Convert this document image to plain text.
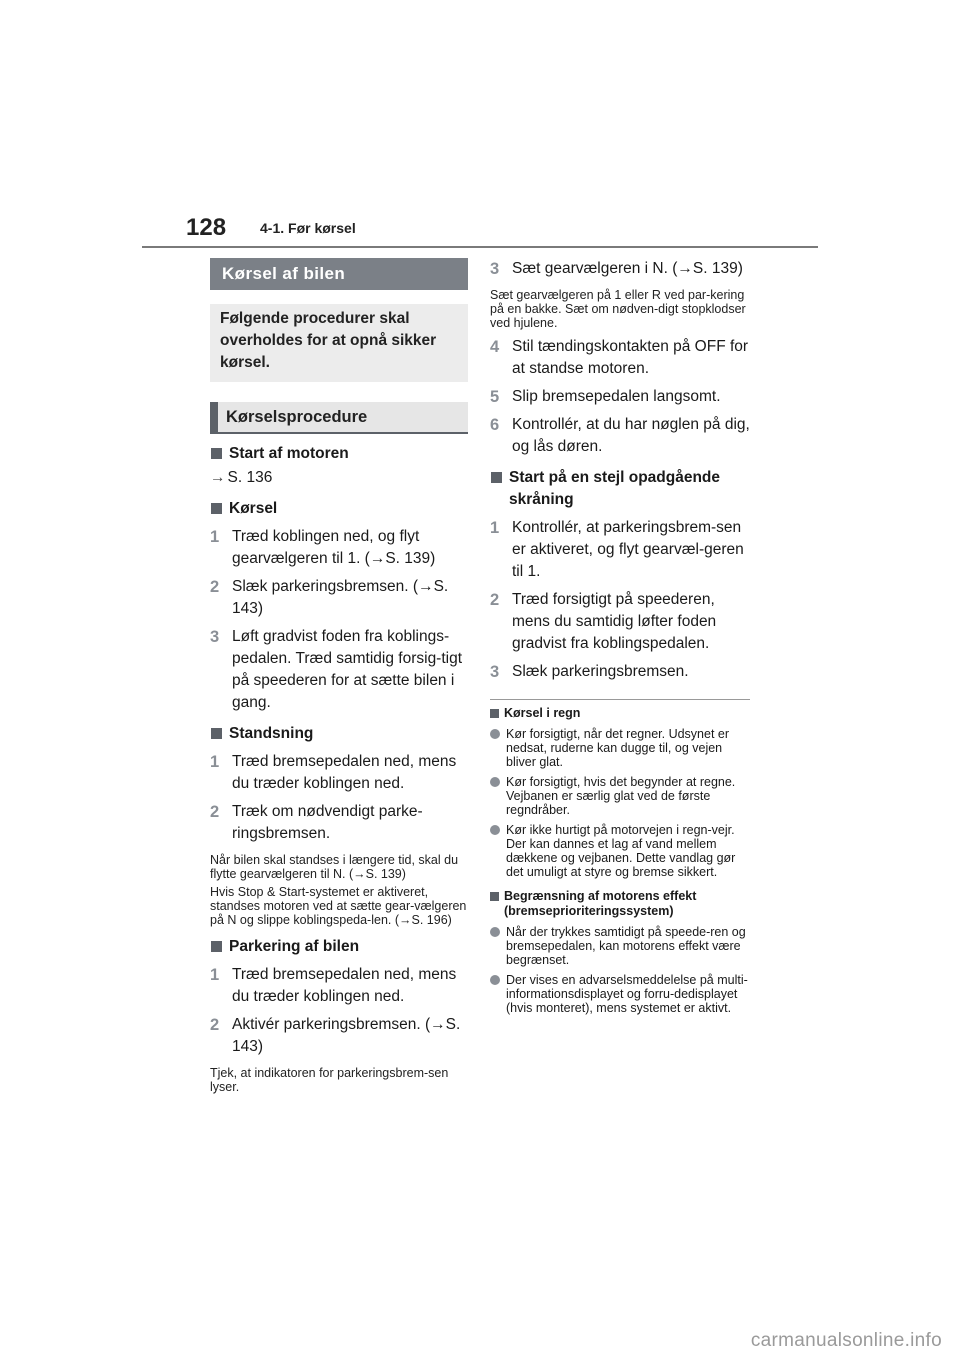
128 4-1. Før kørsel
Kørsel af bilen
Følgende procedurer skal overholdes for at opnå sikker kørsel.
Kørselsprocedure
Start af motoren
→ S. 136
Kørsel
1 Træd koblingen ned, og flyt gearvælgeren til 1. (→S. 139)
2 Slæk parkeringsbremsen. (→S. 143)
3 Løft gradvist foden fra koblings-pedalen. Træd samtidig forsig-tigt på speederen for at sætte bilen i gang.
Standsning
1 Træd bremsepedalen ned, mens du træder koblingen ned.
2 Træk om nødvendigt parke-ringsbremsen.
Når bilen skal standses i længere tid, skal du flytte gearvælgeren til N. (→S. 139)
Hvis Stop & Start-systemet er aktiveret, standses motoren ved at sætte gear-vælgeren på N og slippe koblingspeda-len. (→S. 196)
Parkering af bilen
1 Træd bremsepedalen ned, mens du træder koblingen ned.
2 Aktivér parkeringsbremsen. (→S. 143)
Tjek, at indikatoren for parkeringsbrem-sen lyser.
3 Sæt gearvælgeren i N. (→S. 139)
Sæt gearvælgeren på 1 eller R ved par-kering på en bakke. Sæt om nødven-digt stopklodser ved hjulene.
4 Stil tændingskontakten på OFF for at standse motoren.
5 Slip bremsepedalen langsomt.
6 Kontrollér, at du har nøglen på dig, og lås døren.
Start på en stejl opadgående skråning
1 Kontrollér, at parkeringsbrem-sen er aktiveret, og flyt gearvæl-geren til 1.
2 Træd forsigtigt på speederen, mens du samtidig løfter foden gradvist fra koblingspedalen.
3 Slæk parkeringsbremsen.
Kørsel i regn
Kør forsigtigt, når det regner. Udsynet er nedsat, ruderne kan dugge til, og vejen bliver glat.
Kør forsigtigt, hvis det begynder at regne. Vejbanen er særlig glat ved de første regndråber.
Kør ikke hurtigt på motorvejen i regn-vejr. Der kan dannes et lag af vand mellem dækkene og vejbanen. Dette vandlag gør det umuligt at styre og bremse sikkert.
Begrænsning af motorens effekt (bremseprioriteringssystem)
Når der trykkes samtidigt på speede-ren og bremsepedalen, kan motorens effekt være begrænset.
Der vises en advarselsmeddelelse på multi-informationsdisplayet og forru-dedisplayet (hvis monteret), mens systemet er aktivt.
carmanualsonline.info
